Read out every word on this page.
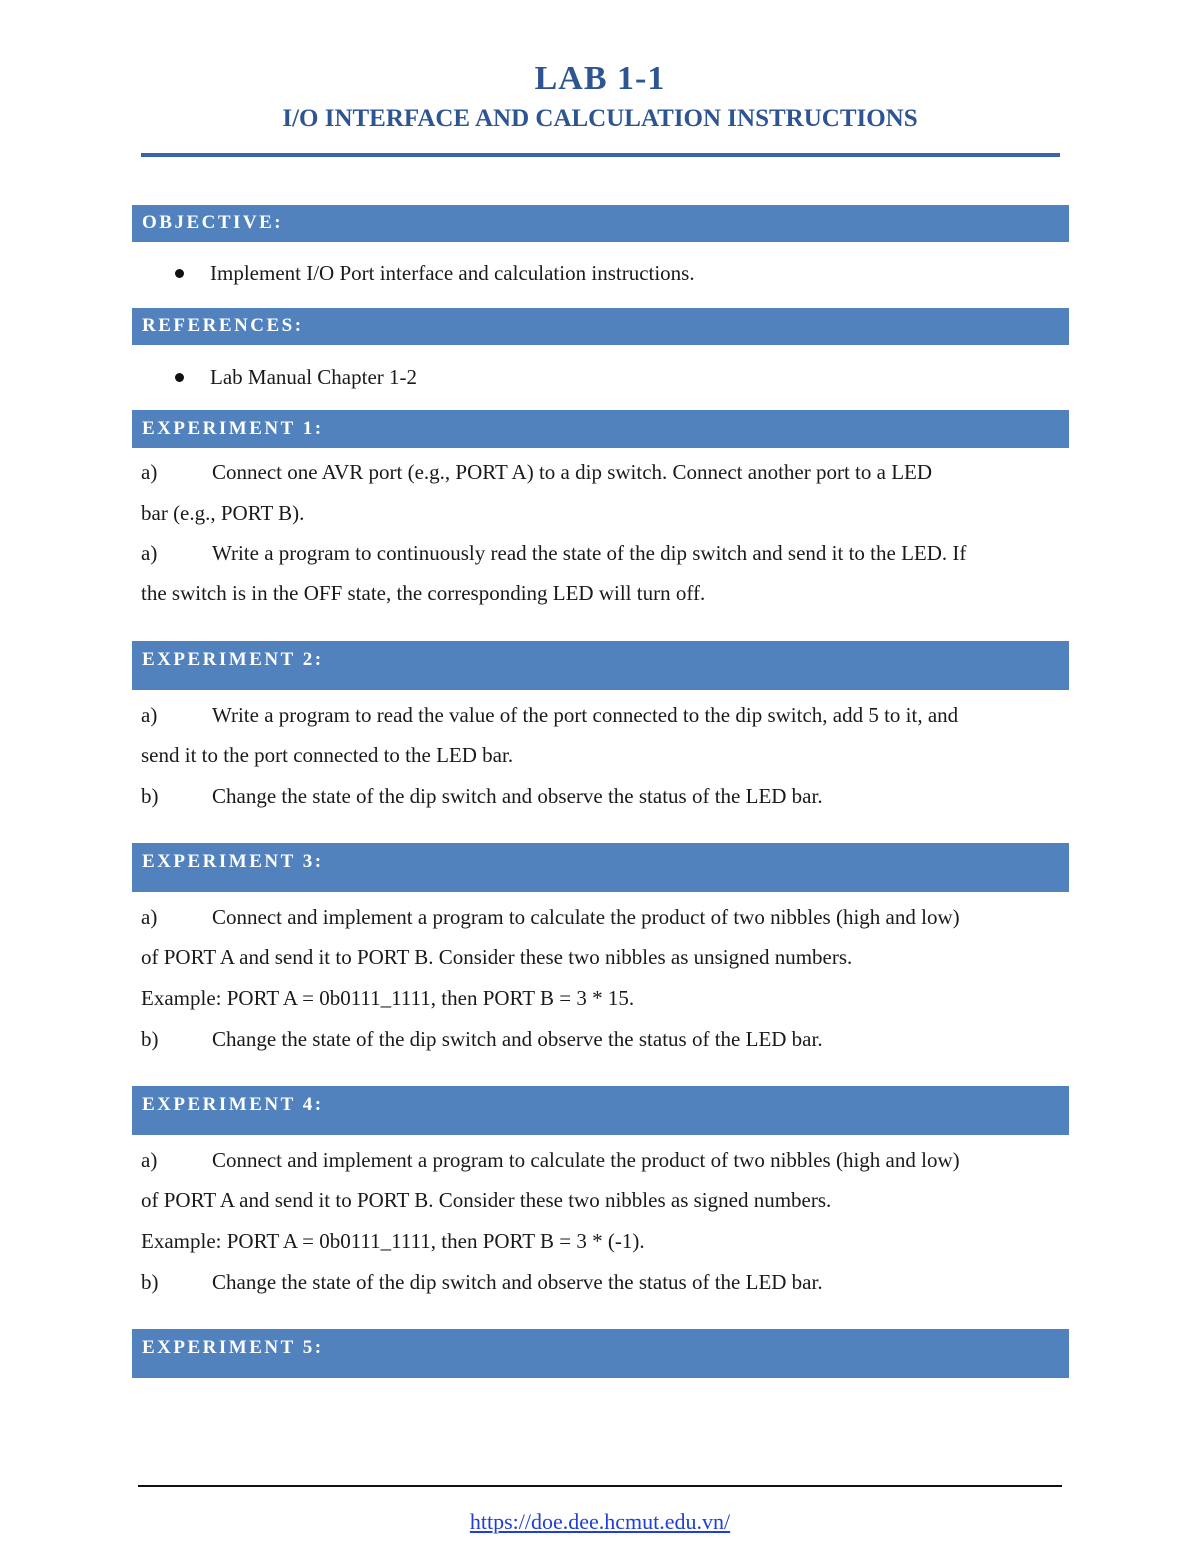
LAB 1-1
I/O INTERFACE AND CALCULATION INSTRUCTIONS
OBJECTIVE:
Implement I/O Port interface and calculation instructions.
REFERENCES:
Lab Manual Chapter 1-2
EXPERIMENT 1:
a)	Connect one AVR port (e.g., PORT A) to a dip switch. Connect another port to a LED
bar (e.g., PORT B).
a)	Write a program to continuously read the state of the dip switch and send it to the LED. If
the switch is in the OFF state, the corresponding LED will turn off.
EXPERIMENT 2:
a)	Write a program to read the value of the port connected to the dip switch, add 5 to it, and
send it to the port connected to the LED bar.
b)	Change the state of the dip switch and observe the status of the LED bar.
EXPERIMENT 3:
a)	Connect and implement a program to calculate the product of two nibbles (high and low)
of PORT A and send it to PORT B. Consider these two nibbles as unsigned numbers.
Example: PORT A = 0b0111_1111, then PORT B = 3 * 15.
b)	Change the state of the dip switch and observe the status of the LED bar.
EXPERIMENT 4:
a)	Connect and implement a program to calculate the product of two nibbles (high and low)
of PORT A and send it to PORT B. Consider these two nibbles as signed numbers.
Example: PORT A = 0b0111_1111, then PORT B = 3 * (-1).
b)	Change the state of the dip switch and observe the status of the LED bar.
EXPERIMENT 5:
https://doe.dee.hcmut.edu.vn/
